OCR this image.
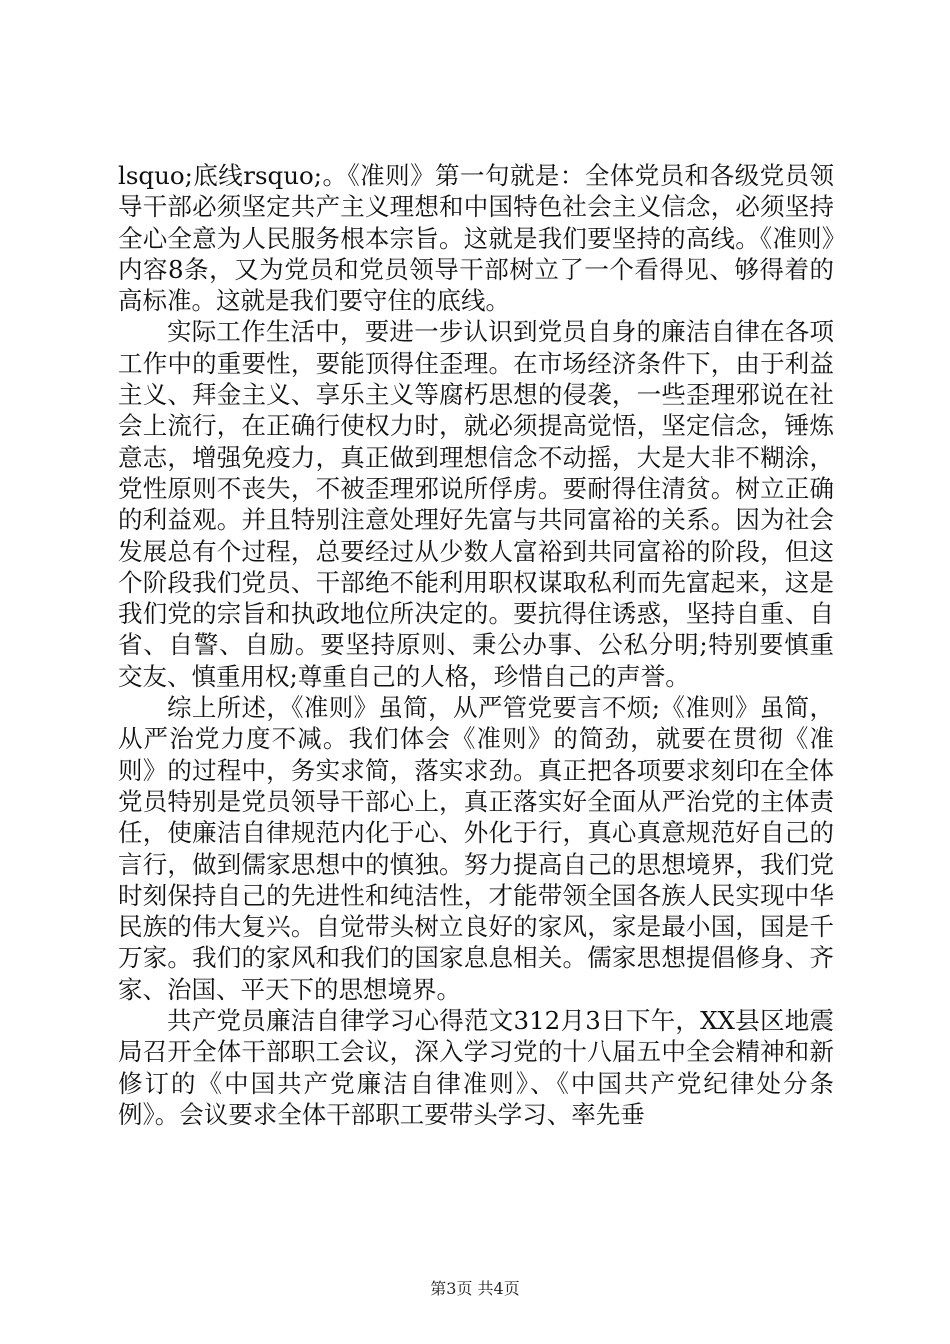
lsquo;底线rsquo;。《准则》第一句就是：全体党员和各级党员领导干部必须坚定共产主义理想和中国特色社会主义信念，必须坚持全心全意为人民服务根本宗旨。这就是我们要坚持的高线。《准则》内容8条，又为党员和党员领导干部树立了一个看得见、够得着的高标准。这就是我们要守住的底线。

实际工作生活中，要进一步认识到党员自身的廉洁自律在各项工作中的重要性，要能顶得住歪理。在市场经济条件下，由于利益主义、拜金主义、享乐主义等腐朽思想的侵袭，一些歪理邪说在社会上流行，在正确行使权力时，就必须提高觉悟，坚定信念，锤炼意志，增强免疫力，真正做到理想信念不动摇，大是大非不糊涂，党性原则不丧失，不被歪理邪说所俘虏。要耐得住清贫。树立正确的利益观。并且特别注意处理好先富与共同富裕的关系。因为社会发展总有个过程，总要经过从少数人富裕到共同富裕的阶段，但这个阶段我们党员、干部绝不能利用职权谋取私利而先富起来，这是我们党的宗旨和执政地位所决定的。要抗得住诱惑，坚持自重、自省、自警、自励。要坚持原则、秉公办事、公私分明;特别要慎重交友、慎重用权;尊重自己的人格，珍惜自己的声誉。

综上所述，《准则》虽简，从严管党要言不烦;《准则》虽简，从严治党力度不减。我们体会《准则》的简劲，就要在贯彻《准则》的过程中，务实求简，落实求劲。真正把各项要求刻印在全体党员特别是党员领导干部心上，真正落实好全面从严治党的主体责任，使廉洁自律规范内化于心、外化于行，真心真意规范好自己的言行，做到儒家思想中的慎独。努力提高自己的思想境界，我们党时刻保持自己的先进性和纯洁性，才能带领全国各族人民实现中华民族的伟大复兴。自觉带头树立良好的家风，家是最小国，国是千万家。我们的家风和我们的国家息息相关。儒家思想提倡修身、齐家、治国、平天下的思想境界。

共产党员廉洁自律学习心得范文312月3日下午，XX县区地震局召开全体干部职工会议，深入学习党的十八届五中全会精神和新修订的《中国共产党廉洁自律准则》、《中国共产党纪律处分条例》。会议要求全体干部职工要带头学习、率先垂

第3页 共4页
